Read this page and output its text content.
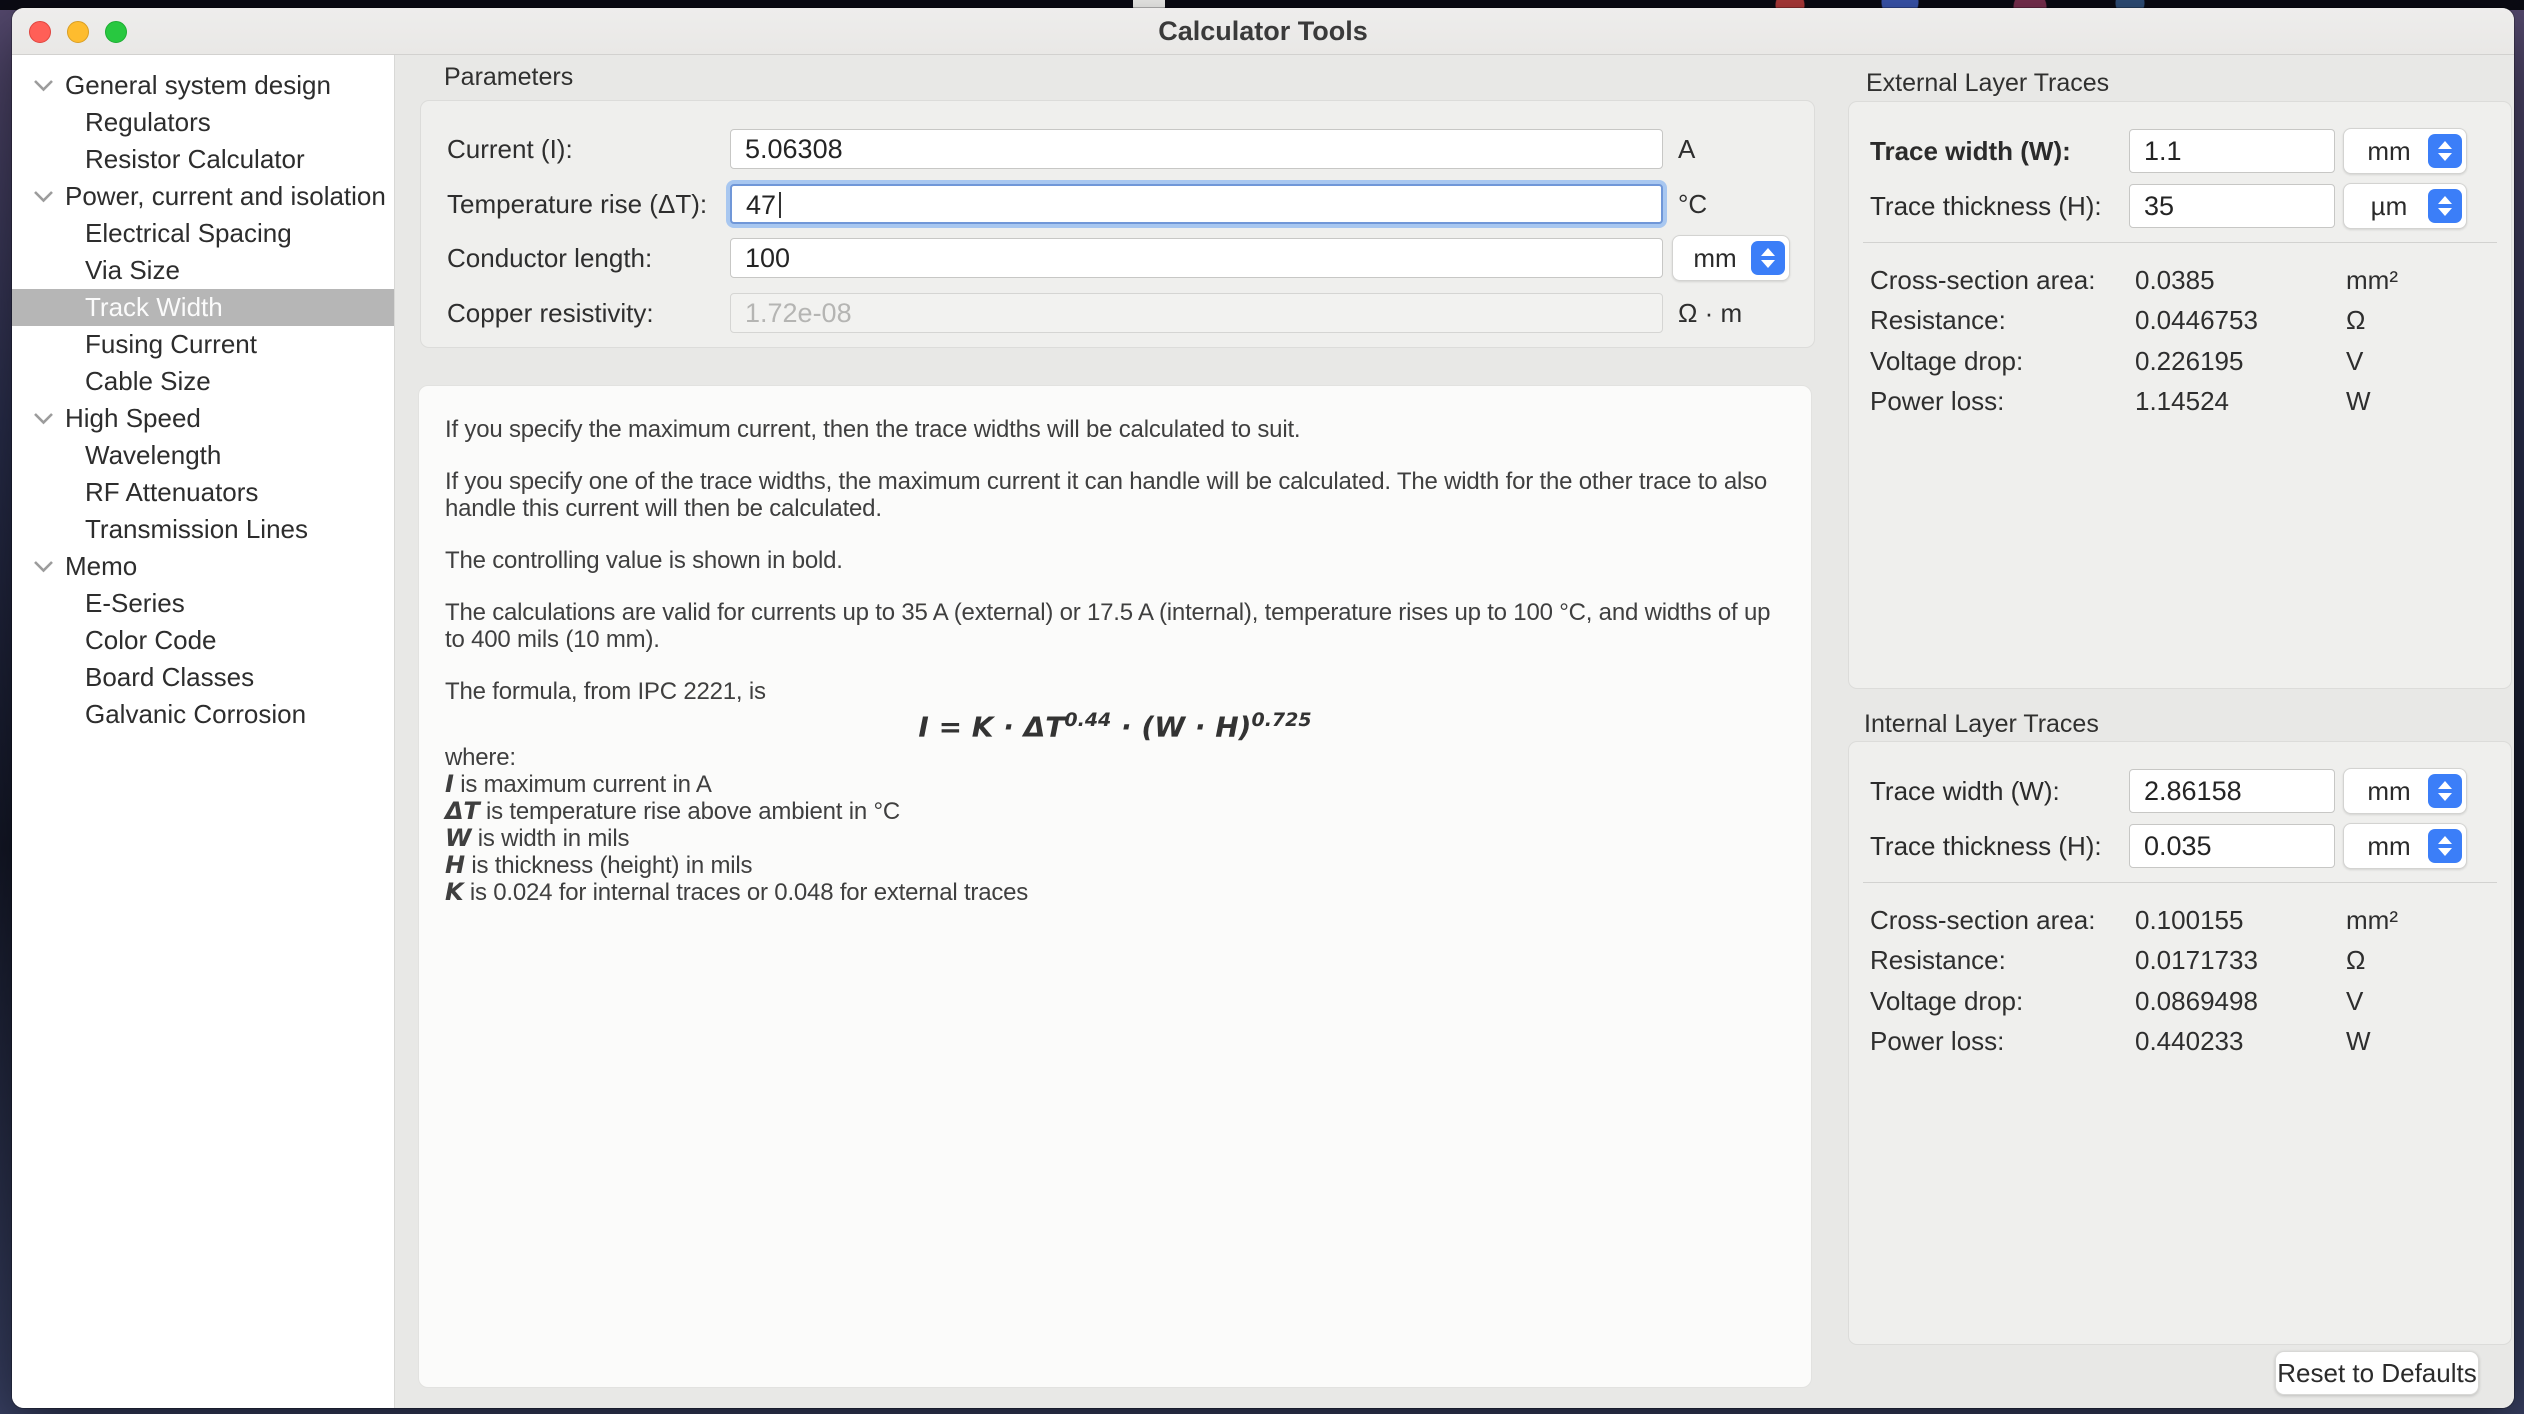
Calculator Tools
General system design
Regulators
Resistor Calculator
Power, current and isolation
Electrical Spacing
Via Size
Track Width
Fusing Current
Cable Size
High Speed
Wavelength
RF Attenuators
Transmission Lines
Memo
E-Series
Color Code
Board Classes
Galvanic Corrosion
Parameters
Current (I):	5.06308	A
Temperature rise (ΔT):	47	°C
Conductor length:	100	mm
Copper resistivity:	1.72e-08	Ω · m

If you specify the maximum current, then the trace widths will be calculated to suit.

If you specify one of the trace widths, the maximum current it can handle will be calculated. The width for the other trace to also handle this current will then be calculated.

The controlling value is shown in bold.

The calculations are valid for currents up to 35 A (external) or 17.5 A (internal), temperature rises up to 100 °C, and widths of up to 400 mils (10 mm).

The formula, from IPC 2221, is

$I = K \cdot \Delta T^{0.44} \cdot (W \cdot H)^{0.725}$
where:
I is maximum current in A
ΔT is temperature rise above ambient in °C
W is width in mils
H is thickness (height) in mils
K is 0.024 for internal traces or 0.048 for external traces
External Layer Traces
Trace width (W):	1.1	mm
Trace thickness (H):	35	µm
Cross-section area: 0.0385	mm²
Resistance:	0.0446753	Ω
Voltage drop:	0.226195	V
Power loss:	1.14524	W
Internal Layer Traces
Trace width (W):	2.86158	mm
Trace thickness (H):	0.035	mm
Cross-section area: 0.100155	mm²
Resistance:	0.0171733	Ω
Voltage drop:	0.0869498	V
Power loss:	0.440233	W
Reset to Defaults
